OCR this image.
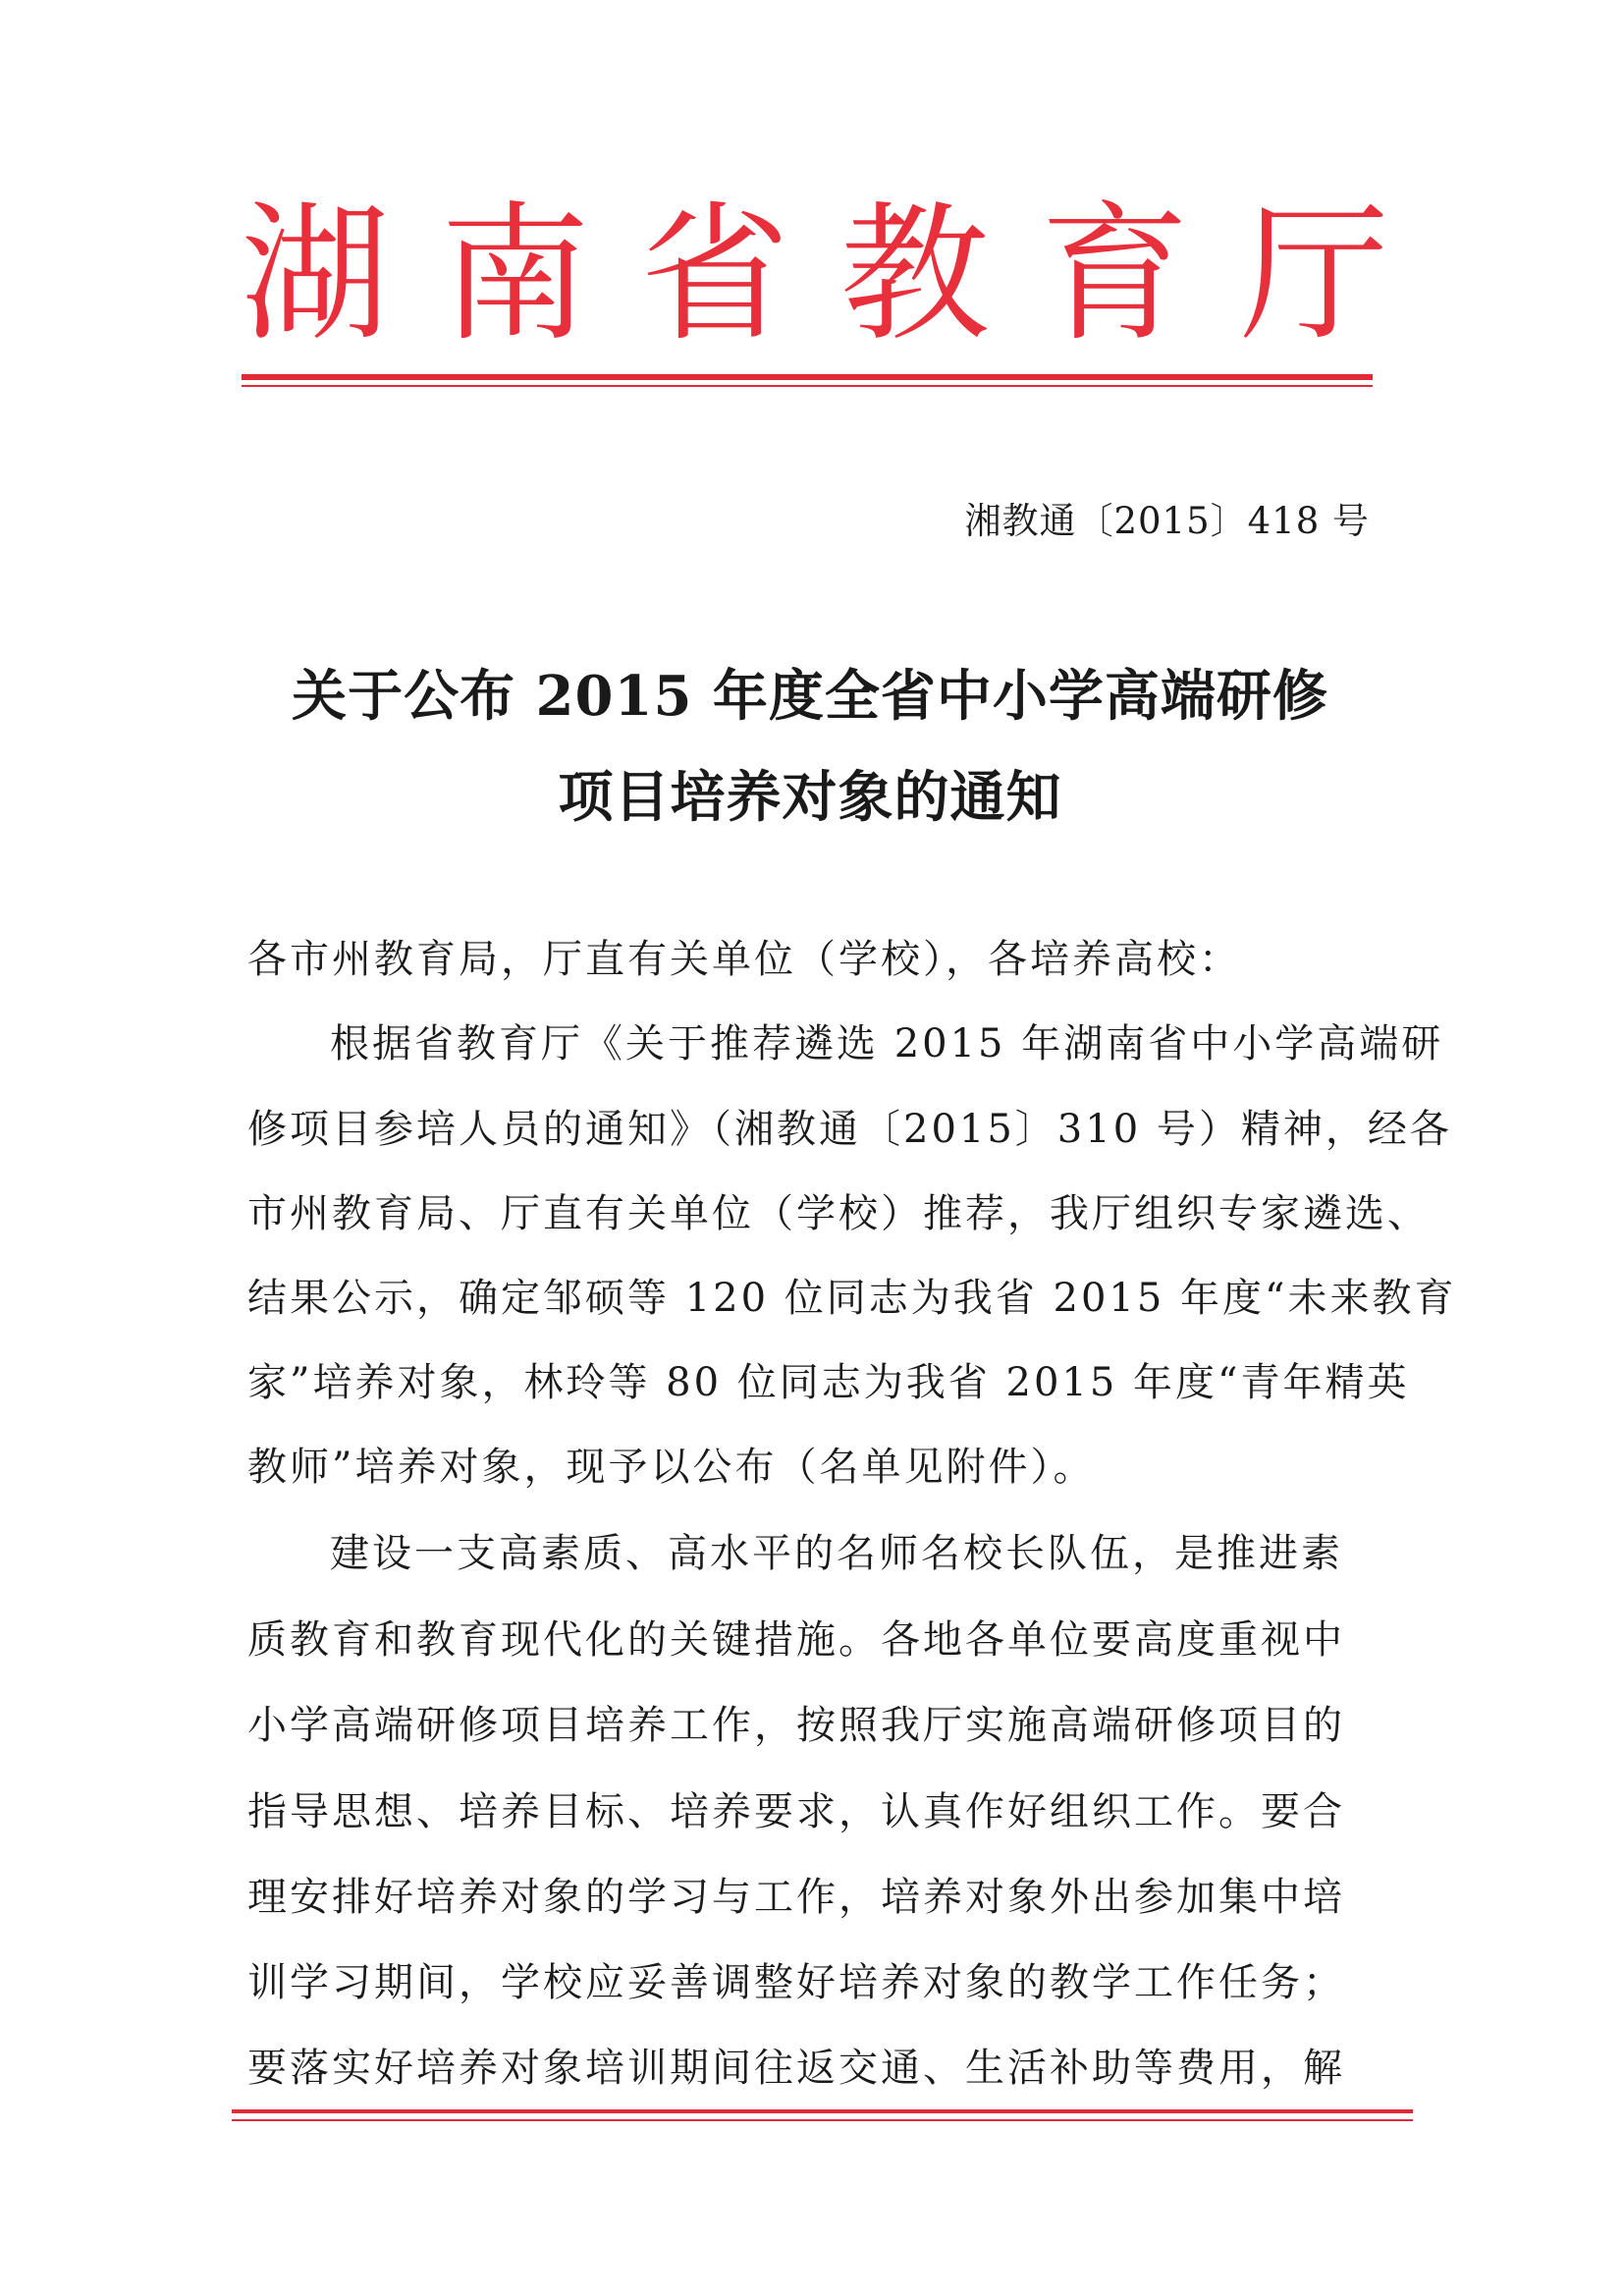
湖 南 省 教 育 厅
湘教通〔2015〕418 号
关于公布 2015 年度全省中小学高端研修
项目培养对象的通知
各市州教育局，厅直有关单位（学校），各培养高校：
根据省教育厅《关于推荐遴选 2015 年湖南省中小学高端研
修项目参培人员的通知》（湘教通〔2015〕310 号）精神，经各
市州教育局、厅直有关单位（学校）推荐，我厅组织专家遴选、
结果公示，确定邹硕等 120 位同志为我省 2015 年度“未来教育
家”培养对象，林玲等 80 位同志为我省 2015 年度“青年精英
教师”培养对象，现予以公布（名单见附件）。
建设一支高素质、高水平的名师名校长队伍，是推进素
质教育和教育现代化的关键措施。各地各单位要高度重视中
小学高端研修项目培养工作，按照我厅实施高端研修项目的
指导思想、培养目标、培养要求，认真作好组织工作。要合
理安排好培养对象的学习与工作，培养对象外出参加集中培
训学习期间，学校应妥善调整好培养对象的教学工作任务；
要落实好培养对象培训期间往返交通、生活补助等费用，解
